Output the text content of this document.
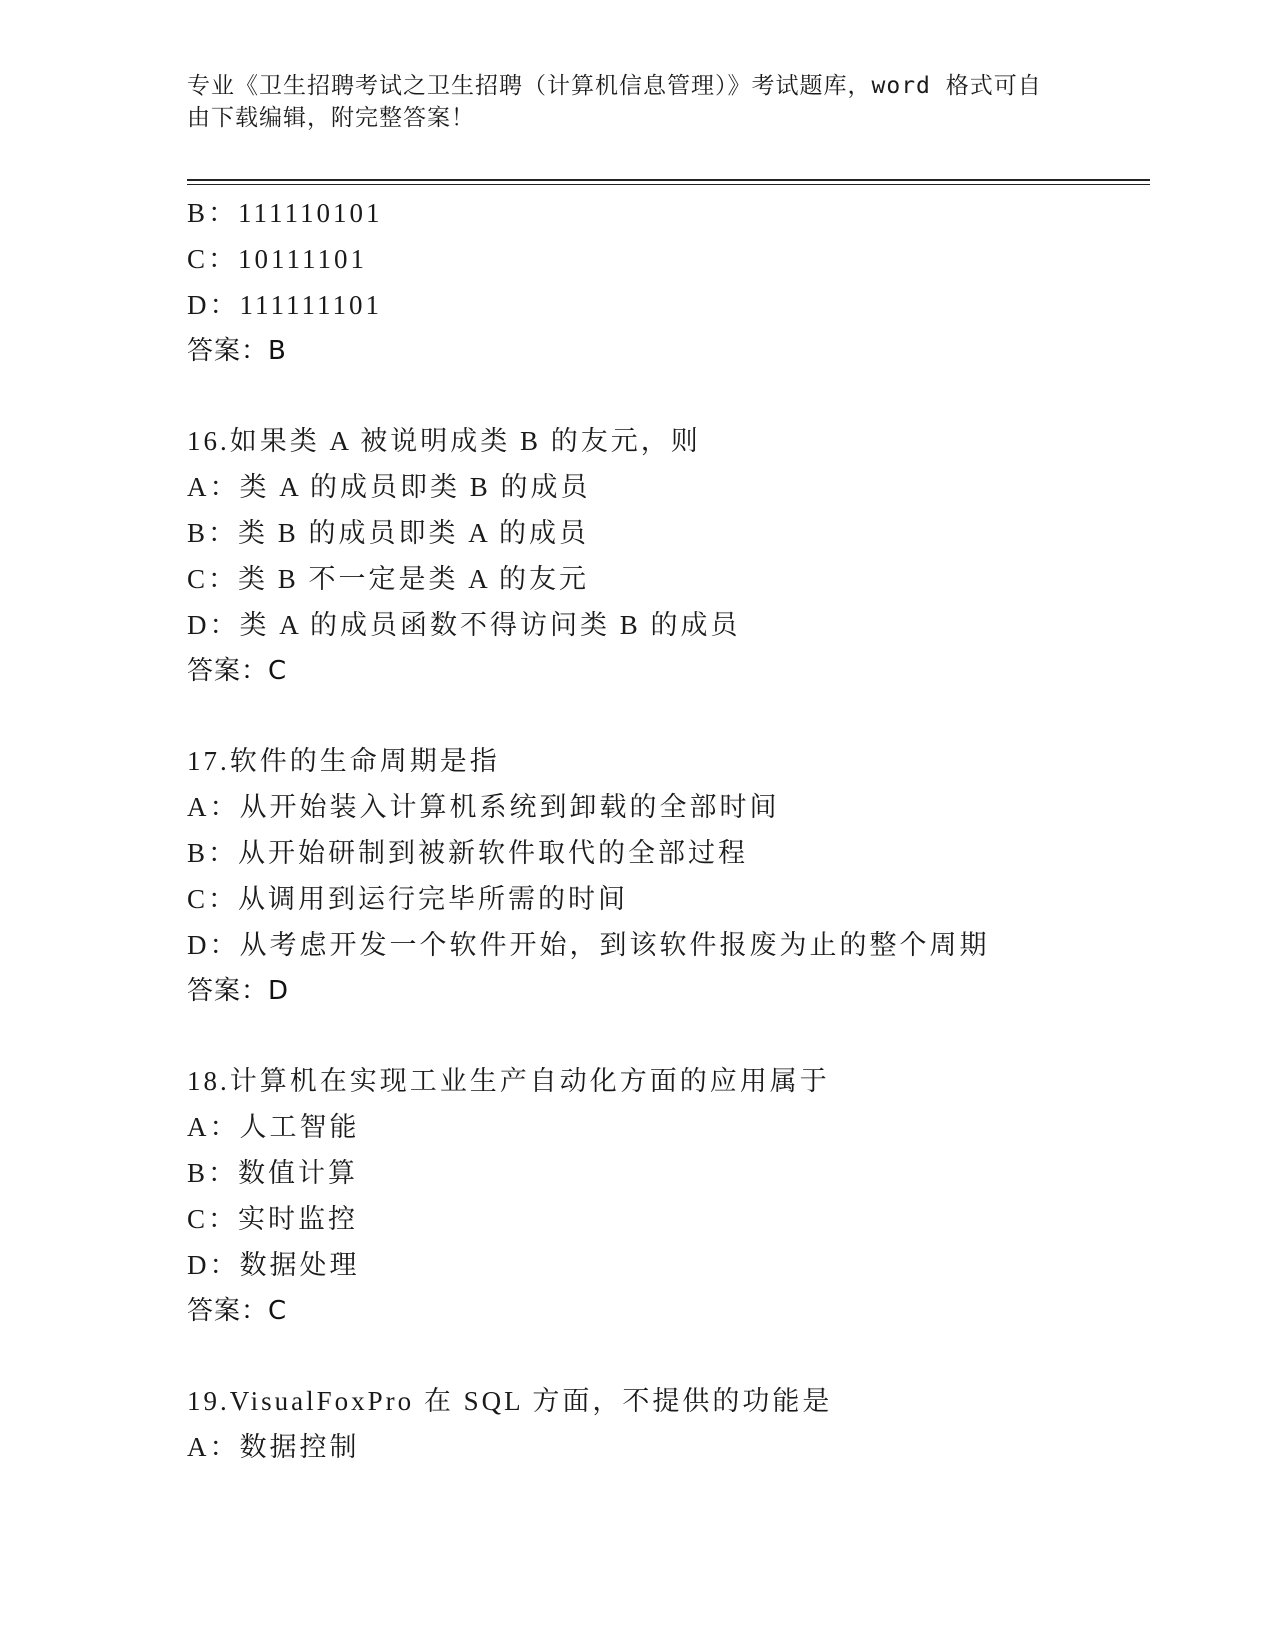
专业《卫生招聘考试之卫生招聘（计算机信息管理）》考试题库，word 格式可自
由下载编辑，附完整答案！
B：111110101
C：10111101
D：111111101
答案：B
16.如果类 A 被说明成类 B 的友元，则
A：类 A 的成员即类 B 的成员
B：类 B 的成员即类 A 的成员
C：类 B 不一定是类 A 的友元
D：类 A 的成员函数不得访问类 B 的成员
答案：C
17.软件的生命周期是指
A：从开始装入计算机系统到卸载的全部时间
B：从开始研制到被新软件取代的全部过程
C：从调用到运行完毕所需的时间
D：从考虑开发一个软件开始，到该软件报废为止的整个周期
答案：D
18.计算机在实现工业生产自动化方面的应用属于
A：人工智能
B：数值计算
C：实时监控
D：数据处理
答案：C
19.VisualFoxPro 在 SQL 方面，不提供的功能是
A：数据控制
